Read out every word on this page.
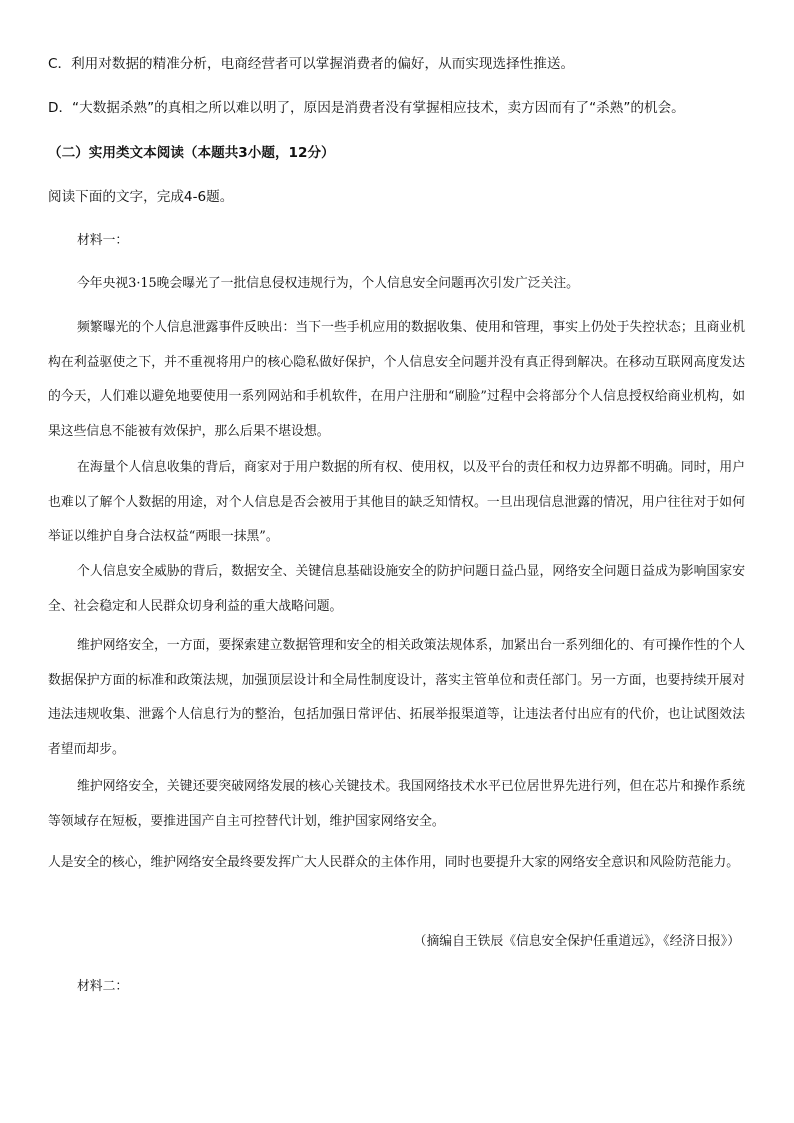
C．利用对数据的精准分析，电商经营者可以掌握消费者的偏好，从而实现选择性推送。
D．“大数据杀熟”的真相之所以难以明了，原因是消费者没有掌握相应技术，卖方因而有了“杀熟”的机会。
（二）实用类文本阅读（本题共3小题，12分）
阅读下面的文字，完成4-6题。
材料一：

今年央视3·15晚会曝光了一批信息侵权违规行为，个人信息安全问题再次引发广泛关注。

频繁曝光的个人信息泄露事件反映出：当下一些手机应用的数据收集、使用和管理，事实上仍处于失控状态；且商业机构在利益驱使之下，并不重视将用户的核心隐私做好保护，个人信息安全问题并没有真正得到解决。在移动互联网高度发达的今天，人们难以避免地要使用一系列网站和手机软件，在用户注册和“刷脸”过程中会将部分个人信息授权给商业机构，如果这些信息不能被有效保护，那么后果不堪设想。

在海量个人信息收集的背后，商家对于用户数据的所有权、使用权，以及平台的责任和权力边界都不明确。同时，用户也难以了解个人数据的用途，对个人信息是否会被用于其他目的缺乏知情权。一旦出现信息泄露的情况，用户往往对于如何举证以维护自身合法权益“两眼一抹黑”。

个人信息安全威胁的背后，数据安全、关键信息基础设施安全的防护问题日益凸显，网络安全问题日益成为影响国家安全、社会稳定和人民群众切身利益的重大战略问题。

维护网络安全，一方面，要探索建立数据管理和安全的相关政策法规体系，加紧出台一系列细化的、有可操作性的个人数据保护方面的标准和政策法规，加强顶层设计和全局性制度设计，落实主管单位和责任部门。另一方面，也要持续开展对违法违规收集、泄露个人信息行为的整治，包括加强日常评估、拓展举报渠道等，让违法者付出应有的代价，也让试图效法者望而却步。

维护网络安全，关键还要突破网络发展的核心关键技术。我国网络技术水平已位居世界先进行列，但在芯片和操作系统等领域存在短板，要推进国产自主可控替代计划，维护国家网络安全。

人是安全的核心，维护网络安全最终要发挥广大人民群众的主体作用，同时也要提升大家的网络安全意识和风险防范能力。

（摘编自王铁辰《信息安全保护任重道远》，《经济日报》）
材料二：
